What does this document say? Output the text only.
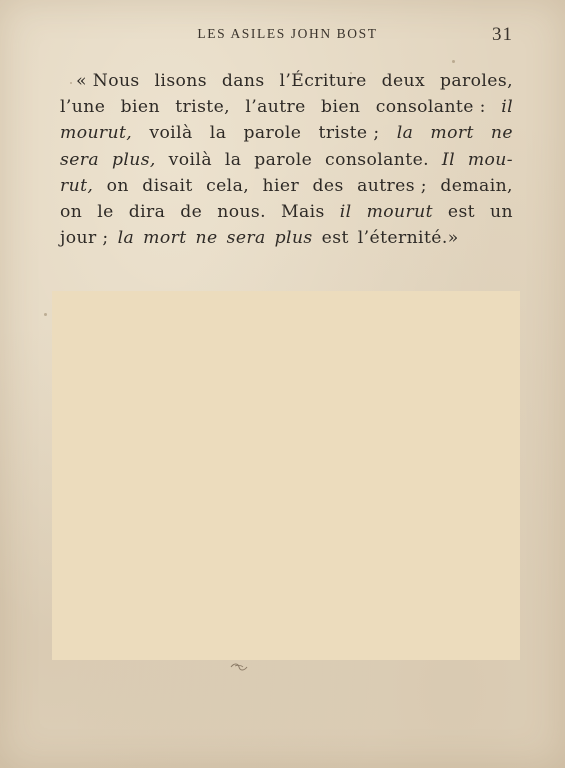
LES ASILES JOHN BOST	31
« Nous lisons dans l’Écriture deux paroles,
l’une bien triste, l’autre bien consolante : il
mourut, voilà la parole triste ; la mort ne
sera plus, voilà la parole consolante. Il mou-
rut, on disait cela, hier des autres ; demain,
on le dira de nous. Mais il mourut est un
jour ; la mort ne sera plus est l’éternité.»
